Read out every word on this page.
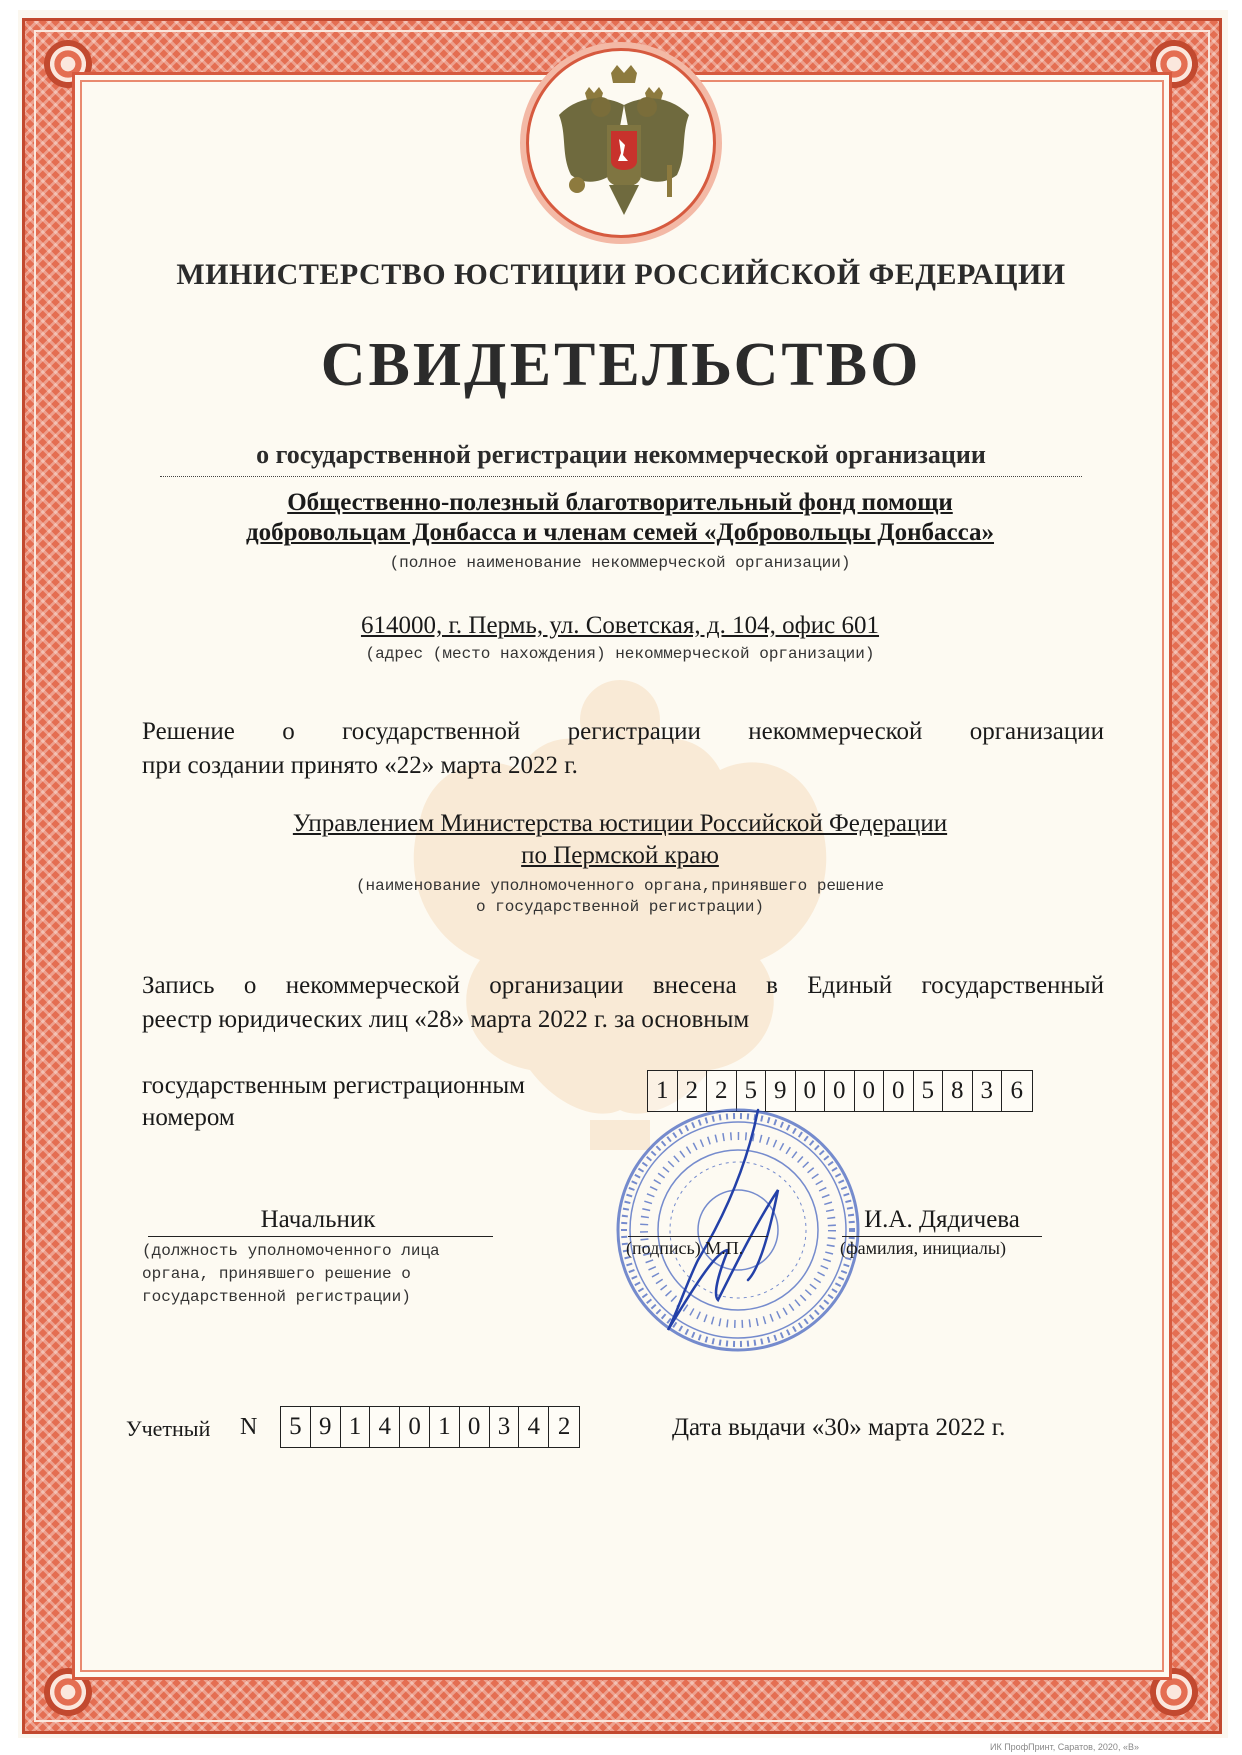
МИНИСТЕРСТВО ЮСТИЦИИ РОССИЙСКОЙ ФЕДЕРАЦИИ
СВИДЕТЕЛЬСТВО
о государственной регистрации некоммерческой организации
Общественно-полезный благотворительный фонд помощи
добровольцам Донбасса и членам семей «Добровольцы Донбасса»
(полное наименование некоммерческой организации)
614000, г. Пермь, ул. Советская, д. 104, офис 601
(адрес (место нахождения) некоммерческой организации)
Решение о государственной регистрации некоммерческой организации
при создании принято «22» марта 2022 г.
Управлением Министерства юстиции Российской Федерации
по Пермской краю
(наименование уполномоченного органа,принявшего решение
о государственной регистрации)
Запись о некоммерческой организации внесена в Единый государственный
реестр юридических лиц «28» марта 2022 г. за основным
государственным регистрационным
номером
1 2 2 5 9 0 0 0 0 5 8 3 6
Начальник
(должность уполномоченного лица
органа, принявшего решение о
государственной регистрации)
(подпись) М.П.
И.А. Дядичева
(фамилия, инициалы)
Учетный N	5 9 1 4 0 1 0 3 4 2	Дата выдачи «30» марта 2022 г.
ИК ПрофПринт, Саратов, 2020, «В»
